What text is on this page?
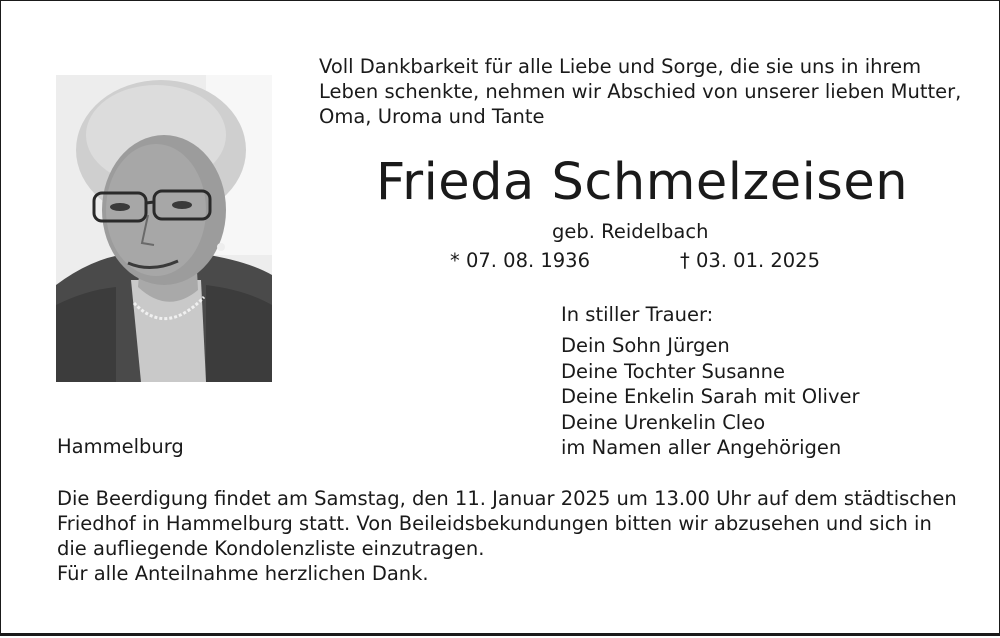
Voll Dankbarkeit für alle Liebe und Sorge, die sie uns in ihrem
Leben schenkte, nehmen wir Abschied von unserer lieben Mutter,
Oma, Uroma und Tante
Frieda Schmelzeisen
geb. Reidelbach
* 07. 08. 1936	† 03. 01. 2025
In stiller Trauer:
Dein Sohn Jürgen
Deine Tochter Susanne
Deine Enkelin Sarah mit Oliver
Deine Urenkelin Cleo
im Namen aller Angehörigen
Hammelburg
Die Beerdigung findet am Samstag, den 11. Januar 2025 um 13.00 Uhr auf dem städtischen
Friedhof in Hammelburg statt. Von Beileidsbekundungen bitten wir abzusehen und sich in
die aufliegende Kondolenzliste einzutragen.
Für alle Anteilnahme herzlichen Dank.
